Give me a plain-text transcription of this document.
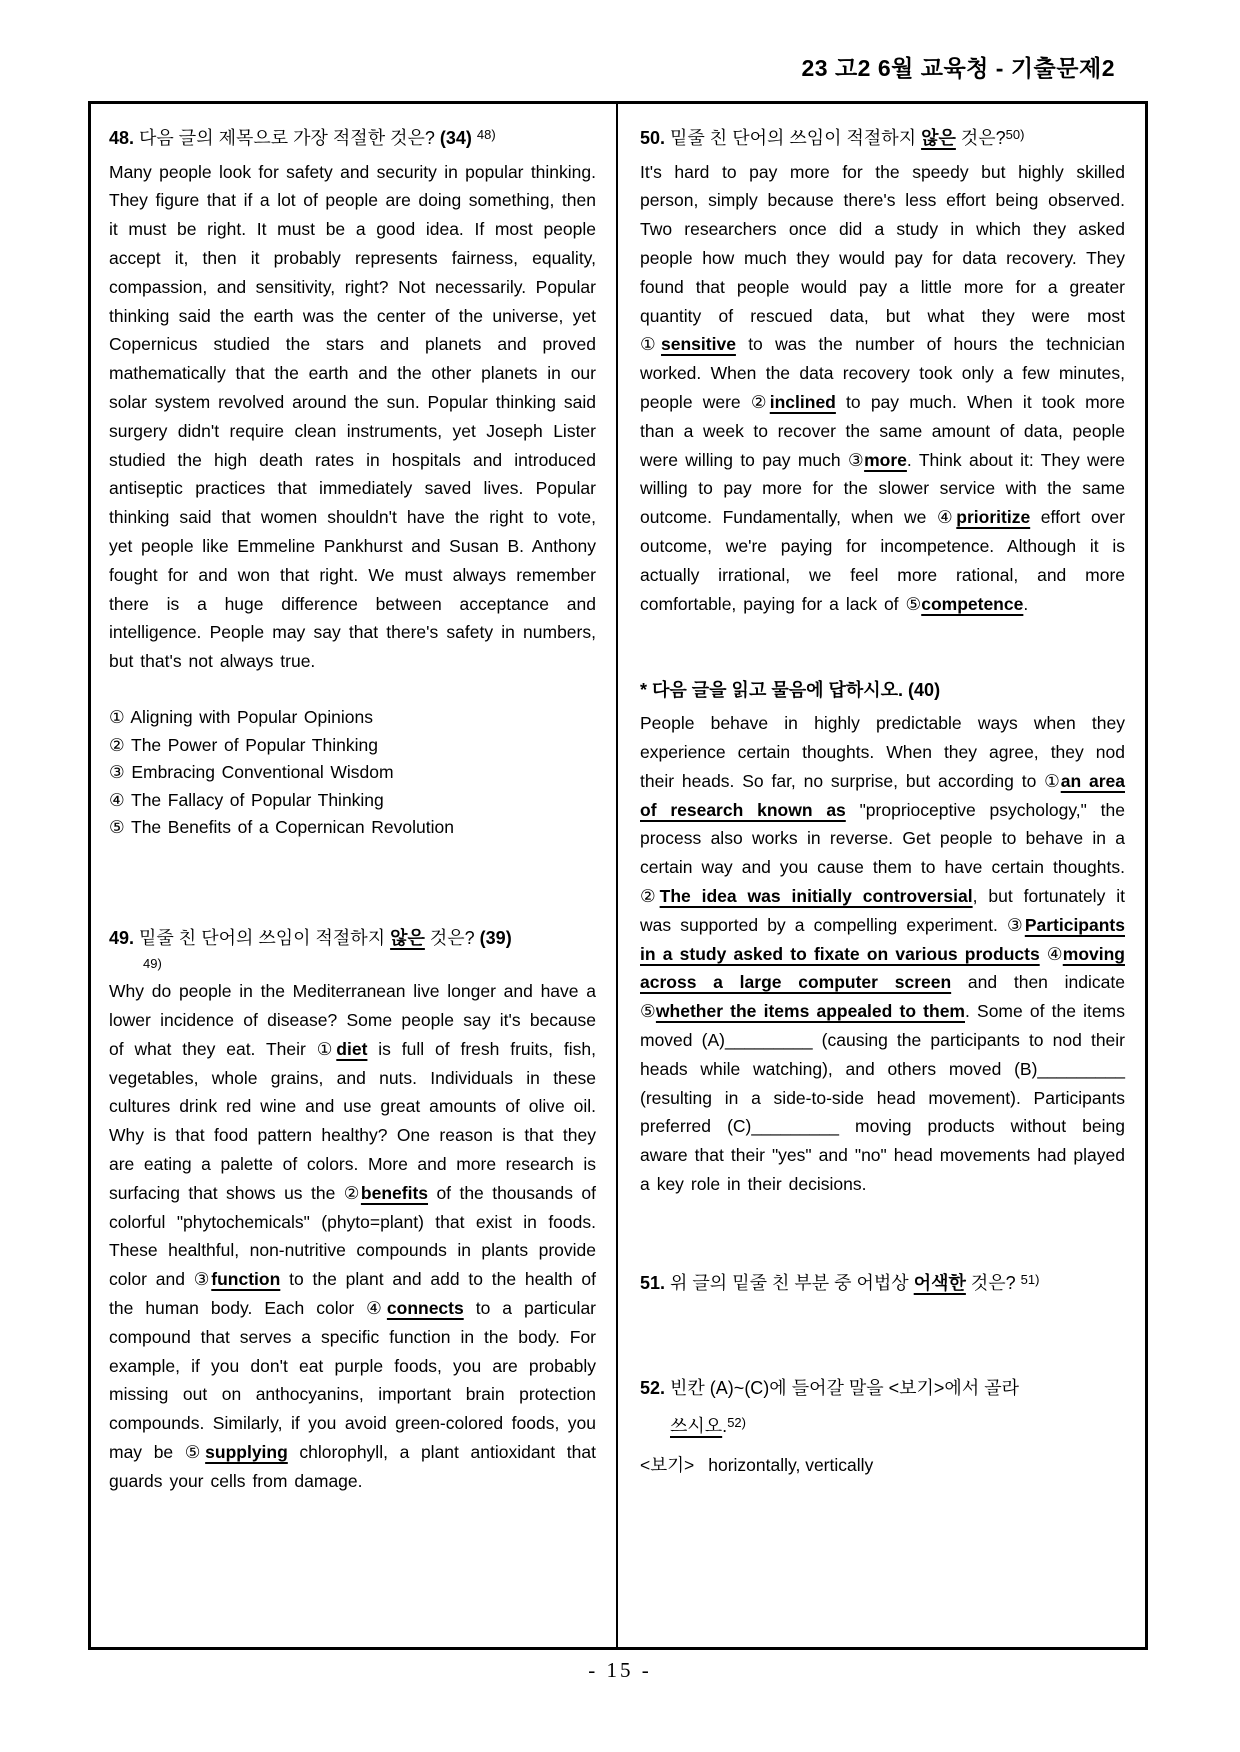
23 고2 6월 교육청 - 기출문제2
48. 다음 글의 제목으로 가장 적절한 것은? (34) $^{48)}$

Many people look for safety and security in popular thinking. They figure that if a lot of people are doing something, then it must be right. It must be a good idea. If most people accept it, then it probably represents fairness, equality, compassion, and sensitivity, right? Not necessarily. Popular thinking said the earth was the center of the universe, yet Copernicus studied the stars and planets and proved mathematically that the earth and the other planets in our solar system revolved around the sun. Popular thinking said surgery didn't require clean instruments, yet Joseph Lister studied the high death rates in hospitals and introduced antiseptic practices that immediately saved lives. Popular thinking said that women shouldn't have the right to vote, yet people like Emmeline Pankhurst and Susan B. Anthony fought for and won that right. We must always remember there is a huge difference between acceptance and intelligence. People may say that there's safety in numbers, but that's not always true.

① Aligning with Popular Opinions
② The Power of Popular Thinking
③ Embracing Conventional Wisdom
④ The Fallacy of Popular Thinking
⑤ The Benefits of a Copernican Revolution
49. 밑줄 친 단어의 쓰임이 적절하지 않은 것은? (39)
49)

Why do people in the Mediterranean live longer and have a lower incidence of disease? Some people say it's because of what they eat. Their ①diet is full of fresh fruits, fish, vegetables, whole grains, and nuts. Individuals in these cultures drink red wine and use great amounts of olive oil. Why is that food pattern healthy? One reason is that they are eating a palette of colors. More and more research is surfacing that shows us the ②benefits of the thousands of colorful "phytochemicals" (phyto=plant) that exist in foods. These healthful, non-nutritive compounds in plants provide color and ③function to the plant and add to the health of the human body. Each color ④connects to a particular compound that serves a specific function in the body. For example, if you don't eat purple foods, you are probably missing out on anthocyanins, important brain protection compounds. Similarly, if you avoid green-colored foods, you may be ⑤supplying chlorophyll, a plant antioxidant that guards your cells from damage.

50. 밑줄 친 단어의 쓰임이 적절하지 않은 것은?$^{50)}$

It's hard to pay more for the speedy but highly skilled person, simply because there's less effort being observed. Two researchers once did a study in which they asked people how much they would pay for data recovery. They found that people would pay a little more for a greater quantity of rescued data, but what they were most ①sensitive to was the number of hours the technician worked. When the data recovery took only a few minutes, people were ②inclined to pay much. When it took more than a week to recover the same amount of data, people were willing to pay much ③more. Think about it: They were willing to pay more for the slower service with the same outcome. Fundamentally, when we ④prioritize effort over outcome, we're paying for incompetence. Although it is actually irrational, we feel more rational, and more comfortable, paying for a lack of ⑤competence.

* 다음 글을 읽고 물음에 답하시오. (40)

People behave in highly predictable ways when they experience certain thoughts. When they agree, they nod their heads. So far, no surprise, but according to ①an area of research known as "proprioceptive psychology," the process also works in reverse. Get people to behave in a certain way and you cause them to have certain thoughts. ②The idea was initially controversial, but fortunately it was supported by a compelling experiment. ③Participants in a study asked to fixate on various products ④moving across a large computer screen and then indicate ⑤whether the items appealed to them. Some of the items moved (A)_________ (causing the participants to nod their heads while watching), and others moved (B)_________ (resulting in a side-to-side head movement). Participants preferred (C)_________ moving products without being aware that their "yes" and "no" head movements had played a key role in their decisions.

51. 위 글의 밑줄 친 부분 중 어법상 어색한 것은? $^{51)}$
52. 빈칸 (A)~(C)에 들어갈 말을 <보기>에서 골라
쓰시오.$^{52)}$
<보기> horizontally, vertically
- 15 -
